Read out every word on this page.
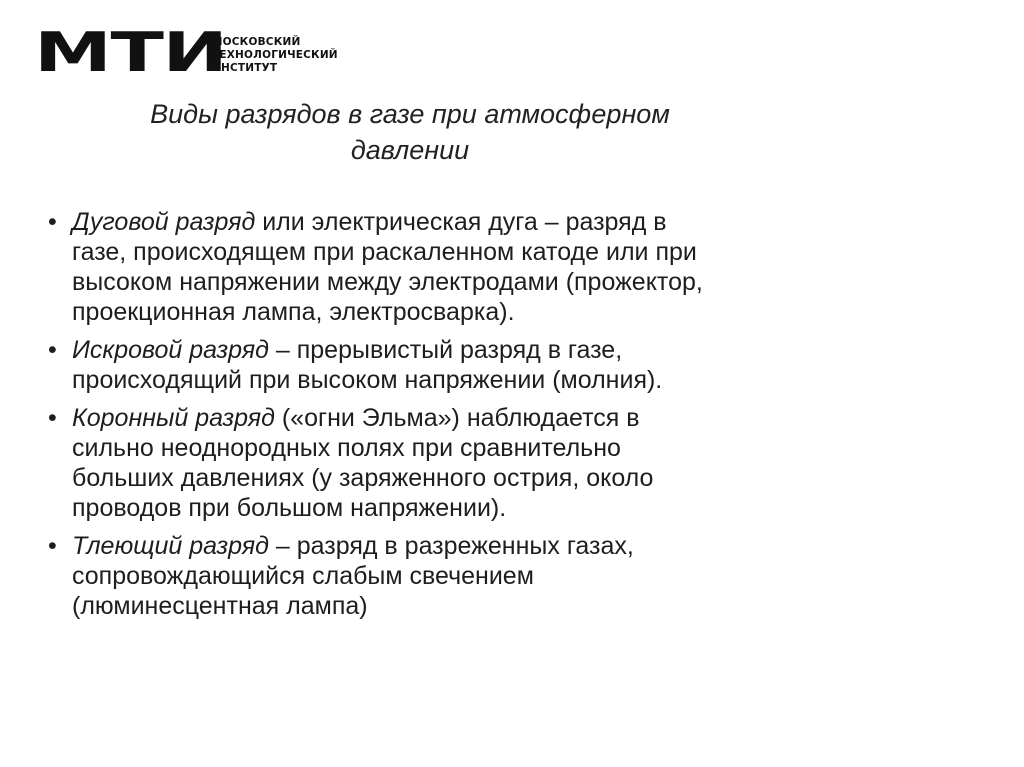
МТИ
МОСКОВСКИЙ
ТЕХНОЛОГИЧЕСКИЙ
ИНСТИТУТ
Виды разрядов в газе при атмосферном
давлении
• Дуговой разряд или электрическая дуга – разряд в
газе, происходящем при раскаленном катоде или при
высоком напряжении между электродами (прожектор,
проекционная лампа, электросварка).
• Искровой разряд – прерывистый разряд в газе,
происходящий при высоком напряжении (молния).
• Коронный разряд («огни Эльма») наблюдается в
сильно неоднородных полях при сравнительно
больших давлениях (у заряженного острия, около
проводов при большом напряжении).
• Тлеющий разряд – разряд в разреженных газах,
сопровождающийся слабым свечением
(люминесцентная лампа)
